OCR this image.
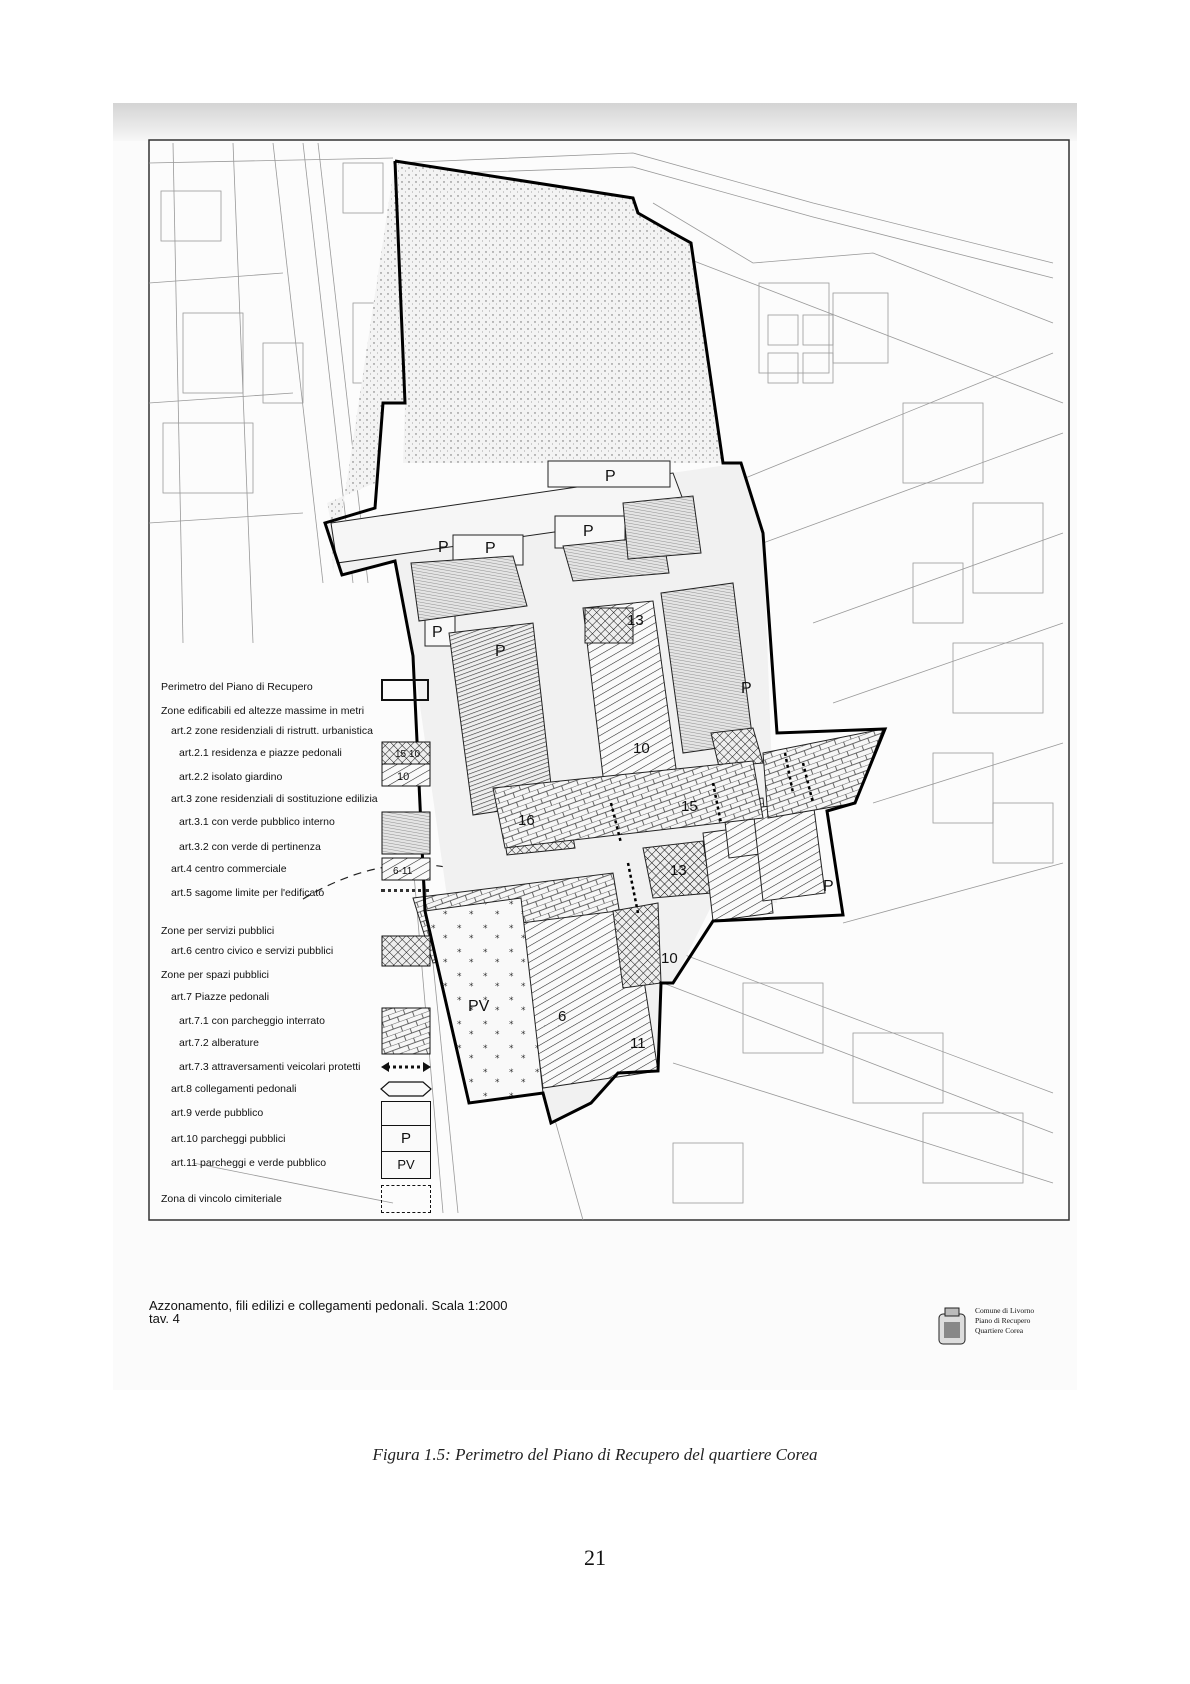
P
P P
P
P
P
P
P
PV
16
10
10
13
13
15
11
6
Perimetro del Piano di Recupero
Zone edificabili ed altezze massime in metri
art.2 zone residenziali di ristrutt. urbanistica
art.2.1 residenza e piazze pedonali
art.2.2 isolato giardino
15 10
10
art.3 zone residenziali di sostituzione edilizia
art.3.1 con verde pubblico interno
art.3.2 con verde di pertinenza
art.4 centro commerciale	6-11
art.5 sagome limite per l'edificato
Zone per servizi pubblici
art.6 centro civico e servizi pubblici
Zone per spazi pubblici
art.7 Piazze pedonali
art.7.1 con parcheggio interrato
art.7.2 alberature
art.7.3 attraversamenti veicolari protetti
art.8 collegamenti pedonali
art.9 verde pubblico
art.10 parcheggi pubblici	P
art.11 parcheggi e verde pubblico	PV
Zona di vincolo cimiteriale
Azzonamento, fili edilizi e collegamenti pedonali. Scala 1:2000
tav. 4
Comune di Livorno
Piano di Recupero
Quartiere Corea
Figura 1.5: Perimetro del Piano di Recupero del quartiere Corea
21
